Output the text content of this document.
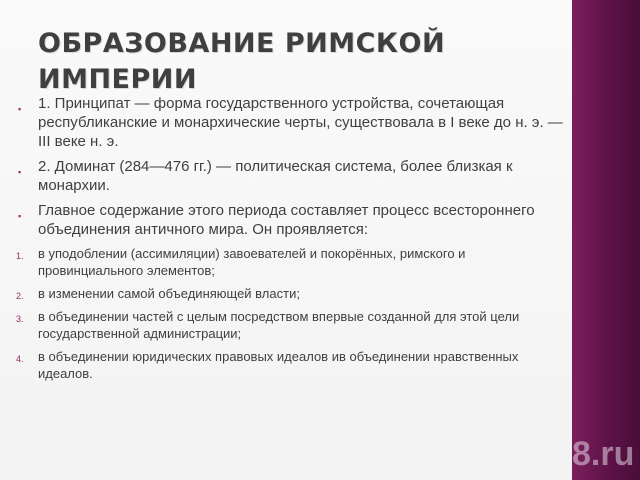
ОБРАЗОВАНИЕ РИМСКОЙ
ИМПЕРИИ
▪ 1. Принципат — форма государственного устройства, сочетающая республиканские и монархические черты, существовала в I веке до н. э. — III веке н. э.
▪ 2. Доминат (284—476 гг.) — политическая система, более близкая к монархии.
▪ Главное содержание этого периода составляет процесс всестороннего объединения античного мира. Он проявляется:
1. в уподоблении (ассимиляции) завоевателей и покорённых, римского и провинциального элементов;
2. в изменении самой объединяющей власти;
3. в объединении частей с целым посредством впервые созданной для этой цели государственной администрации;
4. в объединении юридических правовых идеалов ив объединении нравственных идеалов.
8.ru
